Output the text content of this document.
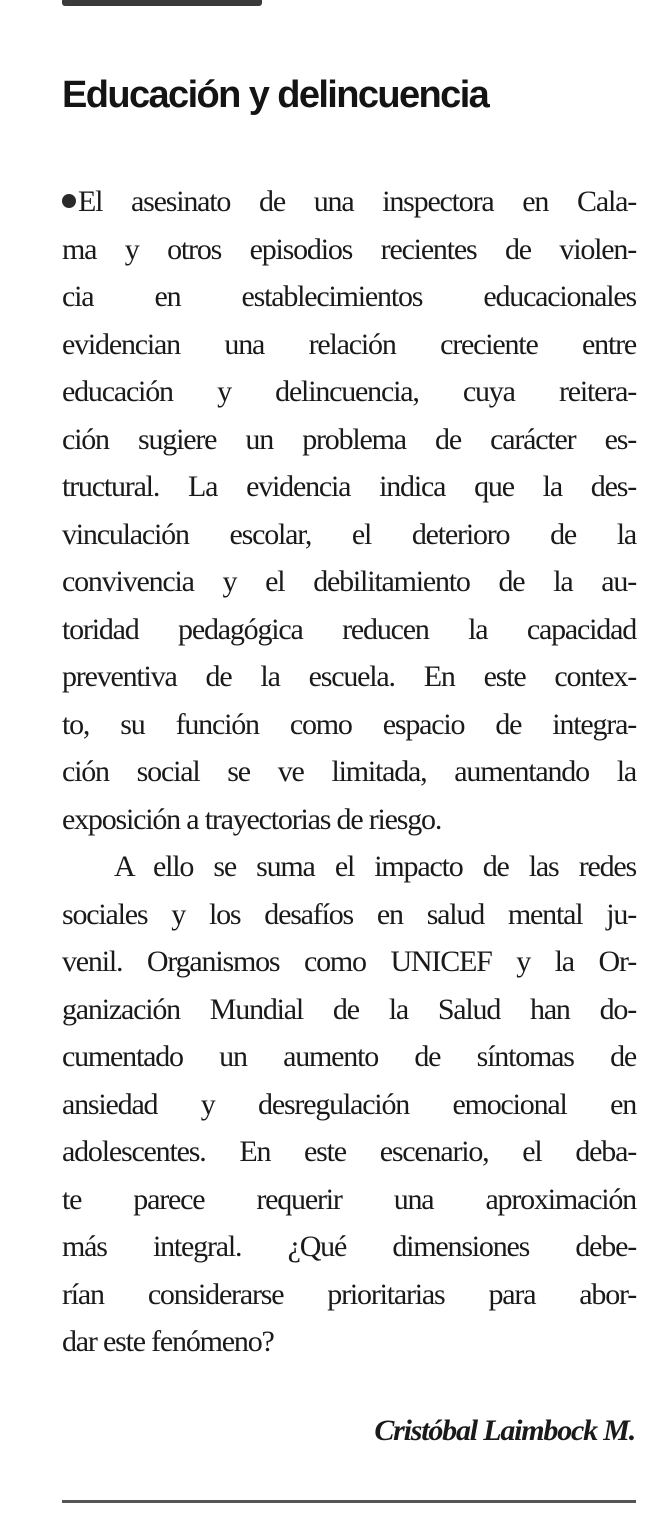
Educación y delincuencia
El asesinato de una inspectora en Cala-
ma y otros episodios recientes de violen-
cia en establecimientos educacionales
evidencian una relación creciente entre
educación y delincuencia, cuya reitera-
ción sugiere un problema de carácter es-
tructural. La evidencia indica que la des-
vinculación escolar, el deterioro de la
convivencia y el debilitamiento de la au-
toridad pedagógica reducen la capacidad
preventiva de la escuela. En este contex-
to, su función como espacio de integra-
ción social se ve limitada, aumentando la
exposición a trayectorias de riesgo.
A ello se suma el impacto de las redes
sociales y los desafíos en salud mental ju-
venil. Organismos como UNICEF y la Or-
ganización Mundial de la Salud han do-
cumentado un aumento de síntomas de
ansiedad y desregulación emocional en
adolescentes. En este escenario, el deba-
te parece requerir una aproximación
más integral. ¿Qué dimensiones debe-
rían considerarse prioritarias para abor-
dar este fenómeno?
Cristóbal Laimbock M.
